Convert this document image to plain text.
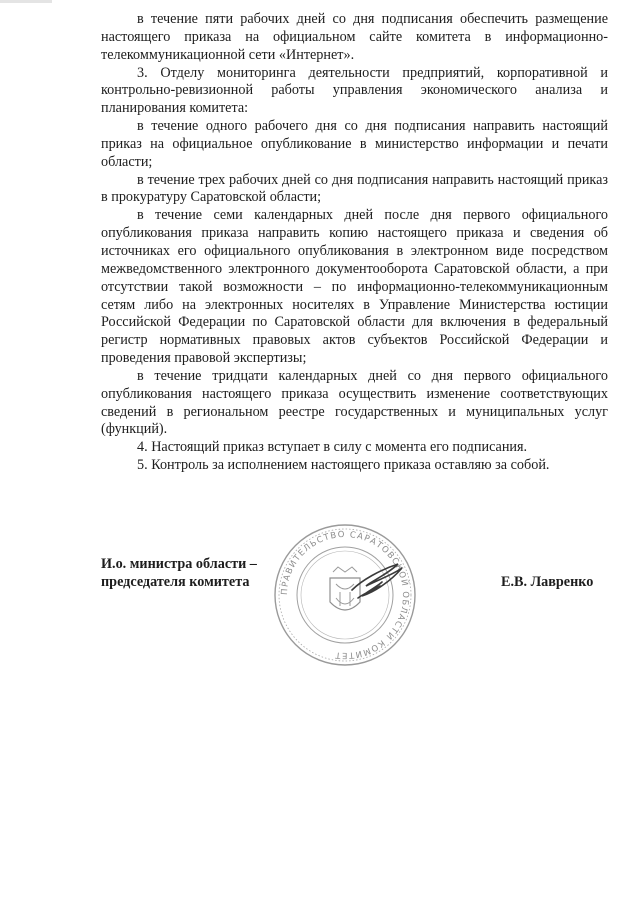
в течение пяти рабочих дней со дня подписания обеспечить размещение настоящего приказа на официальном сайте комитета в информационно-телекоммуникационной сети «Интернет».

3. Отделу мониторинга деятельности предприятий, корпоративной и контрольно-ревизионной работы управления экономического анализа и планирования комитета:

в течение одного рабочего дня со дня подписания направить настоящий приказ на официальное опубликование в министерство информации и печати области;

в течение трех рабочих дней со дня подписания направить настоящий приказ в прокуратуру Саратовской области;

в течение семи календарных дней после дня первого официального опубликования приказа направить копию настоящего приказа и сведения об источниках его официального опубликования в электронном виде посредством межведомственного электронного документооборота Саратовской области, а при отсутствии такой возможности – по информационно-телекоммуникационным сетям либо на электронных носителях в Управление Министерства юстиции Российской Федерации по Саратовской области для включения в федеральный регистр нормативных правовых актов субъектов Российской Федерации и проведения правовой экспертизы;

в течение тридцати календарных дней со дня первого официального опубликования настоящего приказа осуществить изменение соответствующих сведений в региональном реестре государственных и муниципальных услуг (функций).

4. Настоящий приказ вступает в силу с момента его подписания.

5. Контроль за исполнением настоящего приказа оставляю за собой.

ПРАВИТЕЛЬСТВО САРАТОВСКОЙ ОБЛАСТИ КОМИТЕТ
И.о. министра области –
председателя комитета	Е.В. Лавренко
